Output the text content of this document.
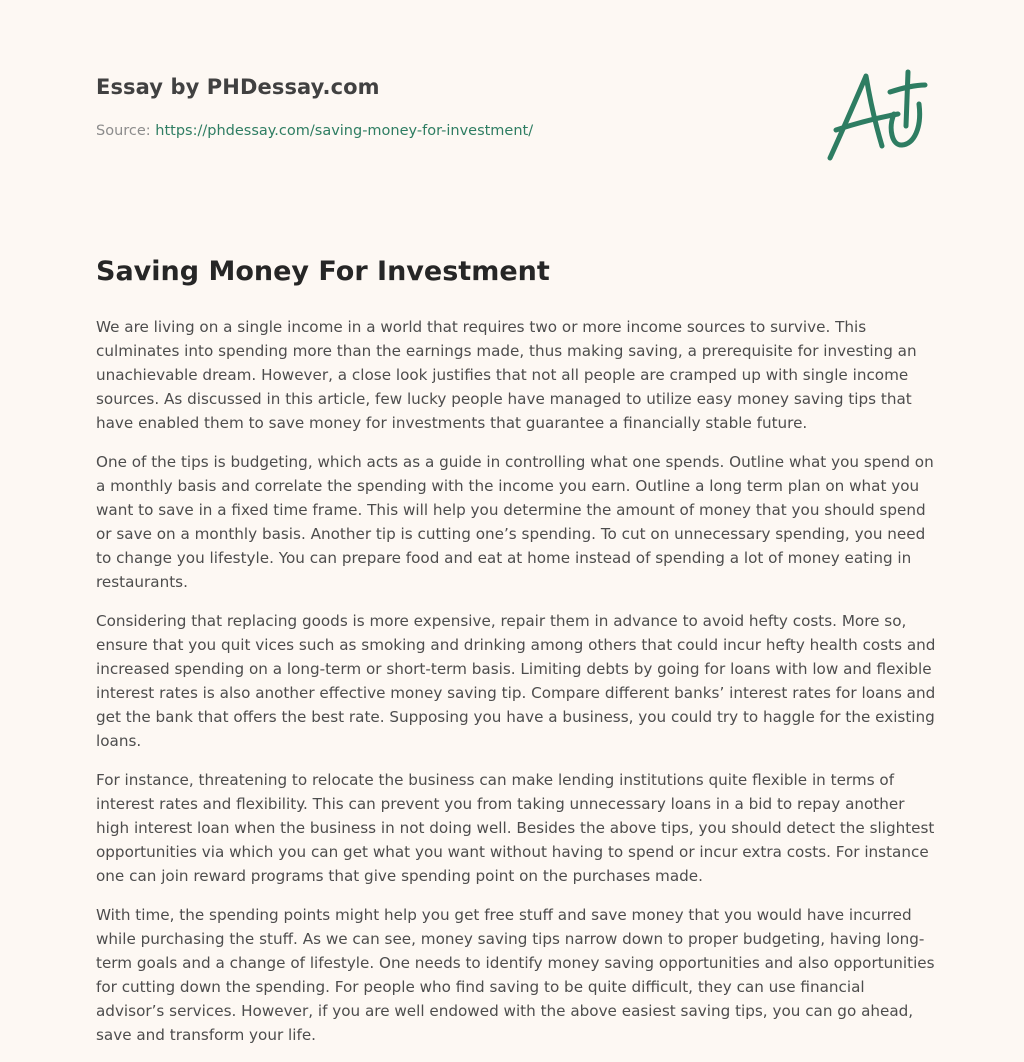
Essay by PHDessay.com
Source: https://phdessay.com/saving-money-for-investment/
Saving Money For Investment

We are living on a single income in a world that requires two or more income sources to survive. This culminates into spending more than the earnings made, thus making saving, a prerequisite for investing an unachievable dream. However, a close look justifies that not all people are cramped up with single income sources. As discussed in this article, few lucky people have managed to utilize easy money saving tips that have enabled them to save money for investments that guarantee a financially stable future.

One of the tips is budgeting, which acts as a guide in controlling what one spends. Outline what you spend on a monthly basis and correlate the spending with the income you earn. Outline a long term plan on what you want to save in a fixed time frame. This will help you determine the amount of money that you should spend or save on a monthly basis. Another tip is cutting one’s spending. To cut on unnecessary spending, you need to change you lifestyle. You can prepare food and eat at home instead of spending a lot of money eating in restaurants.

Considering that replacing goods is more expensive, repair them in advance to avoid hefty costs. More so, ensure that you quit vices such as smoking and drinking among others that could incur hefty health costs and increased spending on a long-term or short-term basis. Limiting debts by going for loans with low and flexible interest rates is also another effective money saving tip. Compare different banks’ interest rates for loans and get the bank that offers the best rate. Supposing you have a business, you could try to haggle for the existing loans.

For instance, threatening to relocate the business can make lending institutions quite flexible in terms of interest rates and flexibility. This can prevent you from taking unnecessary loans in a bid to repay another high interest loan when the business in not doing well. Besides the above tips, you should detect the slightest opportunities via which you can get what you want without having to spend or incur extra costs. For instance one can join reward programs that give spending point on the purchases made.

With time, the spending points might help you get free stuff and save money that you would have incurred while purchasing the stuff. As we can see, money saving tips narrow down to proper budgeting, having long-term goals and a change of lifestyle. One needs to identify money saving opportunities and also opportunities for cutting down the spending. For people who find saving to be quite difficult, they can use financial advisor’s services. However, if you are well endowed with the above easiest saving tips, you can go ahead, save and transform your life.
